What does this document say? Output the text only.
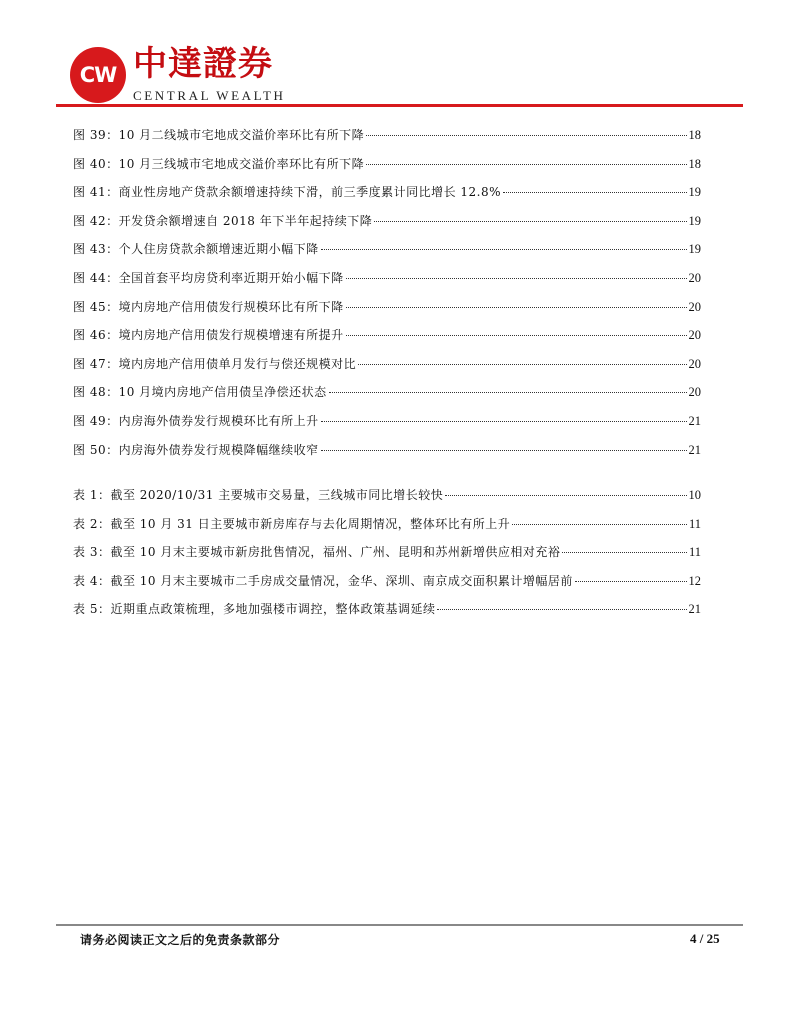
CW 中達證券
CENTRAL WEALTH
图 39：10 月二线城市宅地成交溢价率环比有所下降	18
图 40：10 月三线城市宅地成交溢价率环比有所下降	18
图 41：商业性房地产贷款余额增速持续下滑，前三季度累计同比增长 12.8%	19
图 42：开发贷余额增速自 2018 年下半年起持续下降	19
图 43：个人住房贷款余额增速近期小幅下降	19
图 44：全国首套平均房贷利率近期开始小幅下降	20
图 45：境内房地产信用债发行规模环比有所下降	20
图 46：境内房地产信用债发行规模增速有所提升	20
图 47：境内房地产信用债单月发行与偿还规模对比	20
图 48：10 月境内房地产信用债呈净偿还状态	20
图 49：内房海外债券发行规模环比有所上升	21
图 50：内房海外债券发行规模降幅继续收窄	21
表 1：截至 2020/10/31 主要城市交易量，三线城市同比增长较快	10
表 2：截至 10 月 31 日主要城市新房库存与去化周期情况，整体环比有所上升	11
表 3：截至 10 月末主要城市新房批售情况，福州、广州、昆明和苏州新增供应相对充裕	11
表 4：截至 10 月末主要城市二手房成交量情况，金华、深圳、南京成交面积累计增幅居前	12
表 5：近期重点政策梳理，多地加强楼市调控，整体政策基调延续	21
请务必阅读正文之后的免责条款部分	4 / 25
